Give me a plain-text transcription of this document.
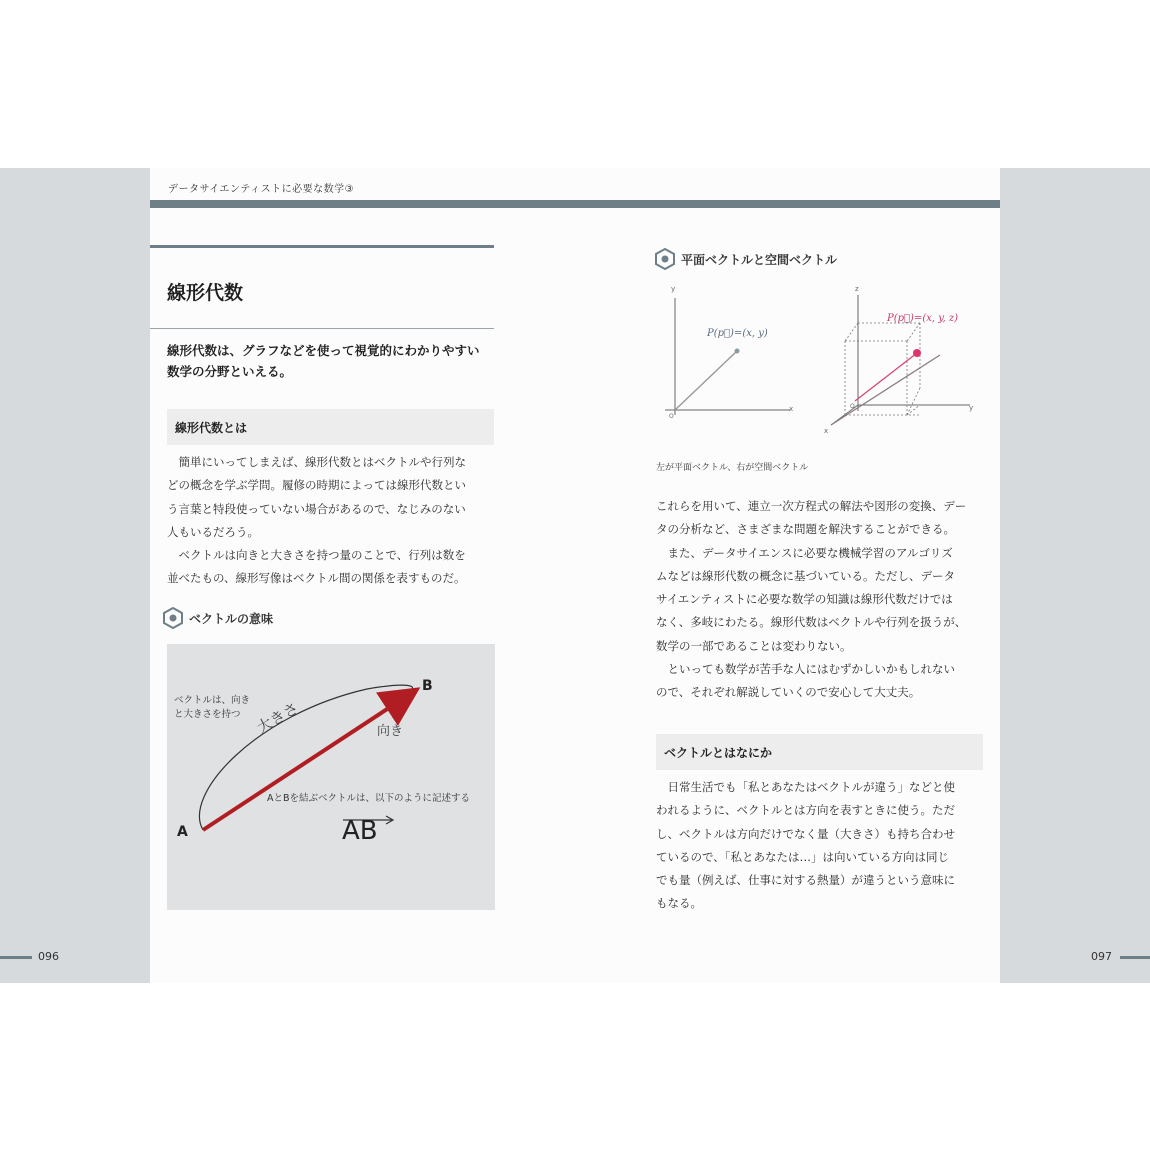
データサイエンティストに必要な数学③
096	097
線形代数
線形代数は、グラフなどを使って視覚的にわかりやすい
数学の分野といえる。
線形代数とは

簡単にいってしまえば、線形代数とはベクトルや行列な

どの概念を学ぶ学問。履修の時期によっては線形代数とい

う言葉と特段使っていない場合があるので、なじみのない

人もいるだろう。

ベクトルは向きと大きさを持つ量のことで、行列は数を

並べたもの、線形写像はベクトル間の関係を表すものだ。

ベクトルの意味
ベクトルは、向き
と大きさを持つ 大きさ	向き
B
A
AとBを結ぶベクトルは、以下のように記述する
AB
平面ベクトルと空間ベクトル
P(p⃗)=(x, y)
P(p⃗)=(x, y, z)
y
x
O
z
y
x
O
左が平面ベクトル、右が空間ベクトル

これらを用いて、連立一次方程式の解法や図形の変換、デー

タの分析など、さまざまな問題を解決することができる。

また、データサイエンスに必要な機械学習のアルゴリズ

ムなどは線形代数の概念に基づいている。ただし、データ

サイエンティストに必要な数学の知識は線形代数だけでは

なく、多岐にわたる。線形代数はベクトルや行列を扱うが、

数学の一部であることは変わりない。

といっても数学が苦手な人にはむずかしいかもしれない

ので、それぞれ解説していくので安心して大丈夫。

ベクトルとはなにか

日常生活でも「私とあなたはベクトルが違う」などと使

われるように、ベクトルとは方向を表すときに使う。ただ

し、ベクトルは方向だけでなく量（大きさ）も持ち合わせ

ているので、「私とあなたは…」は向いている方向は同じ

でも量（例えば、仕事に対する熱量）が違うという意味に

もなる。
